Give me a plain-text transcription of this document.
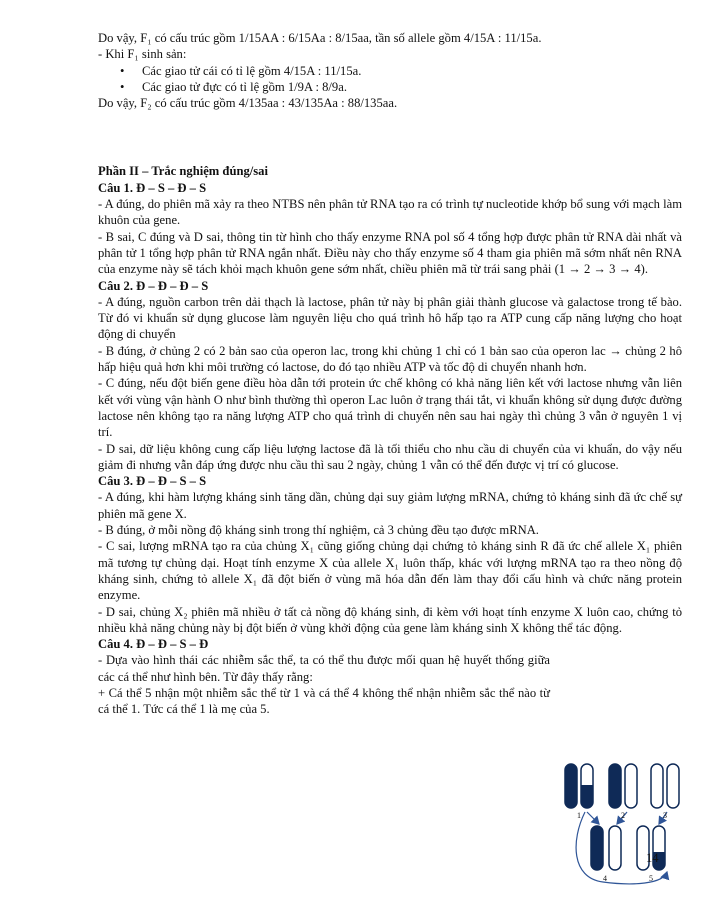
Do vậy, F₁ có cấu trúc gồm 1/15AA : 6/15Aa : 8/15aa, tần số allele gồm 4/15A : 11/15a.

- Khi F₁ sinh sản:

• Các giao tử cái có tỉ lệ gồm 4/15A : 11/15a.

• Các giao tử đực có tỉ lệ gồm 1/9A : 8/9a.

Do vậy, F₂ có cấu trúc gồm 4/135aa : 43/135Aa : 88/135aa.

Phần II – Trắc nghiệm đúng/sai

Câu 1. Đ – S – Đ – S

- A đúng, do phiên mã xảy ra theo NTBS nên phân tử RNA tạo ra có trình tự nucleotide khớp bổ sung với mạch làm khuôn của gene.

- B sai, C đúng và D sai, thông tin từ hình cho thấy enzyme RNA pol số 4 tổng hợp được phân tử RNA dài nhất và phân tử 1 tổng hợp phân tử RNA ngắn nhất. Điều này cho thấy enzyme số 4 tham gia phiên mã sớm nhất nên RNA của enzyme này sẽ tách khỏi mạch khuôn gene sớm nhất, chiều phiên mã từ trái sang phải (1 → 2 → 3 → 4).

Câu 2. Đ – Đ – Đ – S

- A đúng, nguồn carbon trên dải thạch là lactose, phân tử này bị phân giải thành glucose và galactose trong tế bào. Từ đó vi khuẩn sử dụng glucose làm nguyên liệu cho quá trình hô hấp tạo ra ATP cung cấp năng lượng cho hoạt động di chuyển

- B đúng, ở chủng 2 có 2 bản sao của operon lac, trong khi chủng 1 chỉ có 1 bản sao của operon lac → chủng 2 hô hấp hiệu quả hơn khi môi trường có lactose, do đó tạo nhiều ATP và tốc độ di chuyển nhanh hơn.

- C đúng, nếu đột biến gene điều hòa dẫn tới protein ức chế không có khả năng liên kết với lactose nhưng vẫn liên kết với vùng vận hành O như bình thường thì operon Lac luôn ở trạng thái tắt, vi khuẩn không sử dụng được đường lactose nên không tạo ra năng lượng ATP cho quá trình di chuyển nên sau hai ngày thì chủng 3 vẫn ở nguyên 1 vị trí.

- D sai, dữ liệu không cung cấp liệu lượng lactose đã là tối thiểu cho nhu cầu di chuyển của vi khuẩn, do vậy nếu giảm đi nhưng vẫn đáp ứng được nhu cầu thì sau 2 ngày, chủng 1 vẫn có thể đến được vị trí có glucose.

Câu 3. Đ – Đ – S – S

- A đúng, khi hàm lượng kháng sinh tăng dần, chủng dại suy giảm lượng mRNA, chứng tỏ kháng sinh đã ức chế sự phiên mã gene X.

- B đúng, ở mỗi nồng độ kháng sinh trong thí nghiệm, cả 3 chủng đều tạo được mRNA.

- C sai, lượng mRNA tạo ra của chủng X₁ cũng giống chủng dại chứng tỏ kháng sinh R đã ức chế allele X₁ phiên mã tương tự chủng dại. Hoạt tính enzyme X của allele X₁ luôn thấp, khác với lượng mRNA tạo ra theo nồng độ kháng sinh, chứng tỏ allele X₁ đã đột biến ở vùng mã hóa dẫn đến làm thay đổi cấu hình và chức năng protein enzyme.

- D sai, chủng X₂ phiên mã nhiều ở tất cả nồng độ kháng sinh, đi kèm với hoạt tính enzyme X luôn cao, chứng tỏ nhiều khả năng chủng này bị đột biến ở vùng khởi động của gene làm kháng sinh X không thể tác động.

Câu 4. Đ – Đ – S – Đ

- Dựa vào hình thái các nhiễm sắc thể, ta có thể thu được mối quan hệ huyết thống giữa các cá thể như hình bên. Từ đây thấy rằng:

+ Cá thể 5 nhận một nhiễm sắc thể từ 1 và cá thể 4 không thể nhận nhiễm sắc thể nào từ cá thể 1. Tức cá thể 1 là mẹ của 5.

1	2	3
4	5
14
